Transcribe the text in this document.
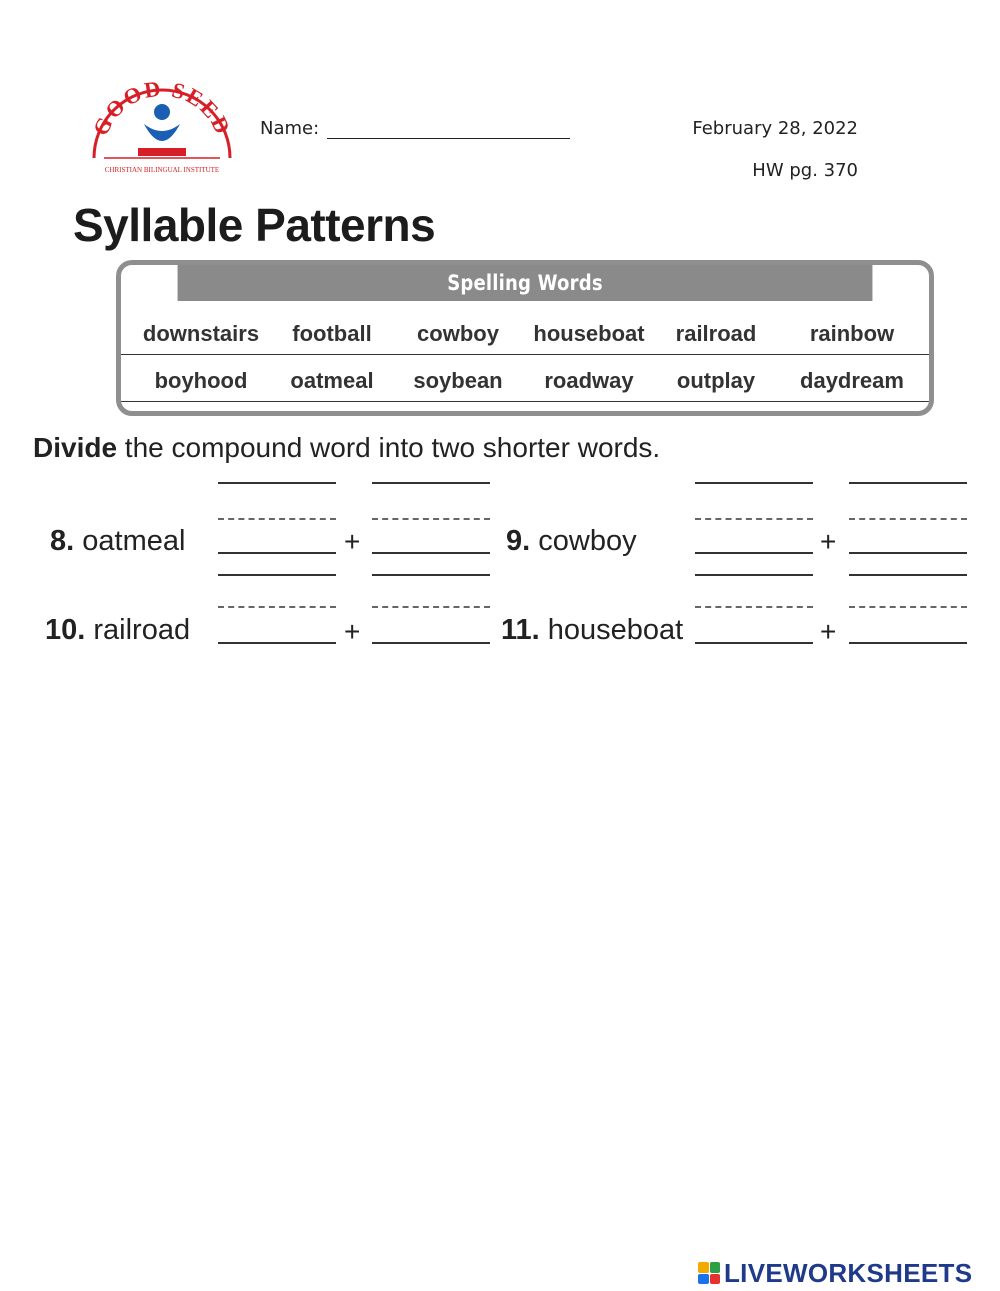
GOOD SEED
CHRISTIAN BILINGUAL INSTITUTE
Name:	February 28, 2022
HW pg. 370
Syllable Patterns
Spelling Words
downstairs football cowboy houseboat railroad rainbow
boyhood oatmeal soybean roadway outplay daydream
Divide the compound word into two shorter words.
8. oatmeal	+	9. cowboy	+
10. railroad	+	11. houseboat	+
LIVEWORKSHEETS
